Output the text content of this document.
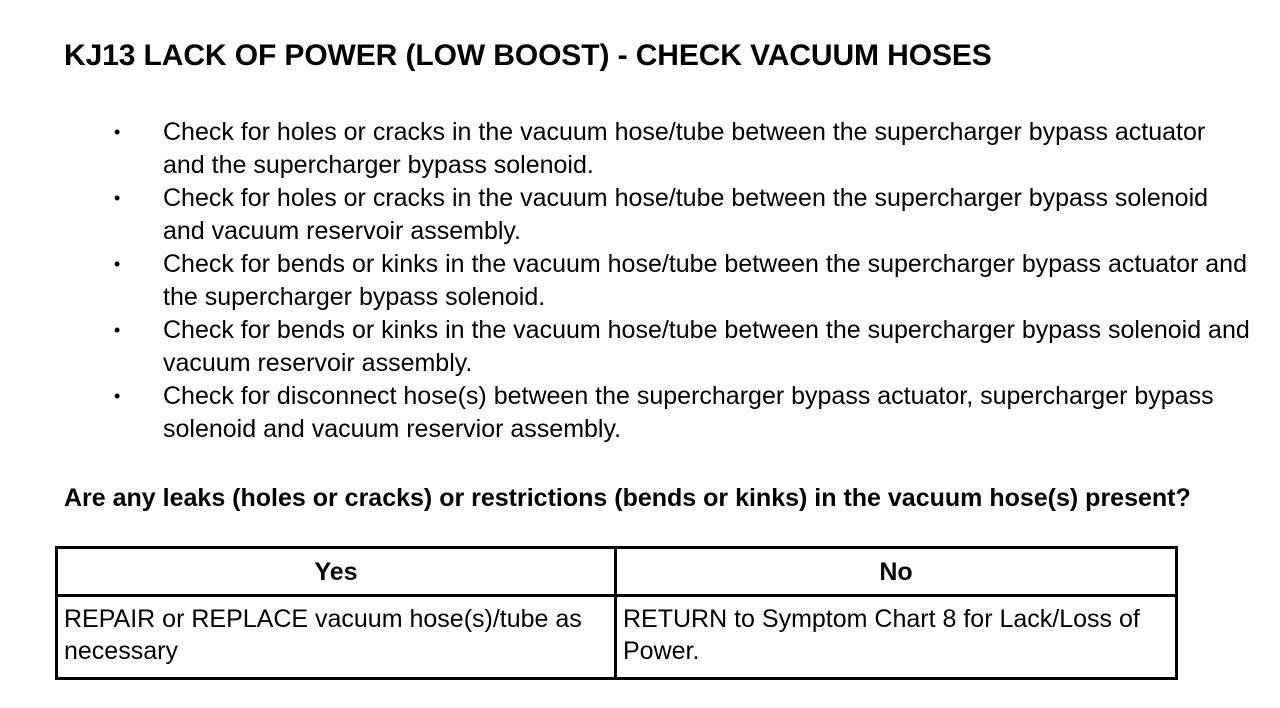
KJ13 LACK OF POWER (LOW BOOST) - CHECK VACUUM HOSES
• Check for holes or cracks in the vacuum hose/tube between the supercharger bypass actuator and the supercharger bypass solenoid.
• Check for holes or cracks in the vacuum hose/tube between the supercharger bypass solenoid and vacuum reservoir assembly.
• Check for bends or kinks in the vacuum hose/tube between the supercharger bypass actuator and the supercharger bypass solenoid.
• Check for bends or kinks in the vacuum hose/tube between the supercharger bypass solenoid and vacuum reservoir assembly.
• Check for disconnect hose(s) between the supercharger bypass actuator, supercharger bypass solenoid and vacuum reservior assembly.

Are any leaks (holes or cracks) or restrictions (bends or kinks) in the vacuum hose(s) present?

Yes	No
REPAIR or REPLACE vacuum hose(s)/tube as necessary	RETURN to Symptom Chart 8 for Lack/Loss of Power.
